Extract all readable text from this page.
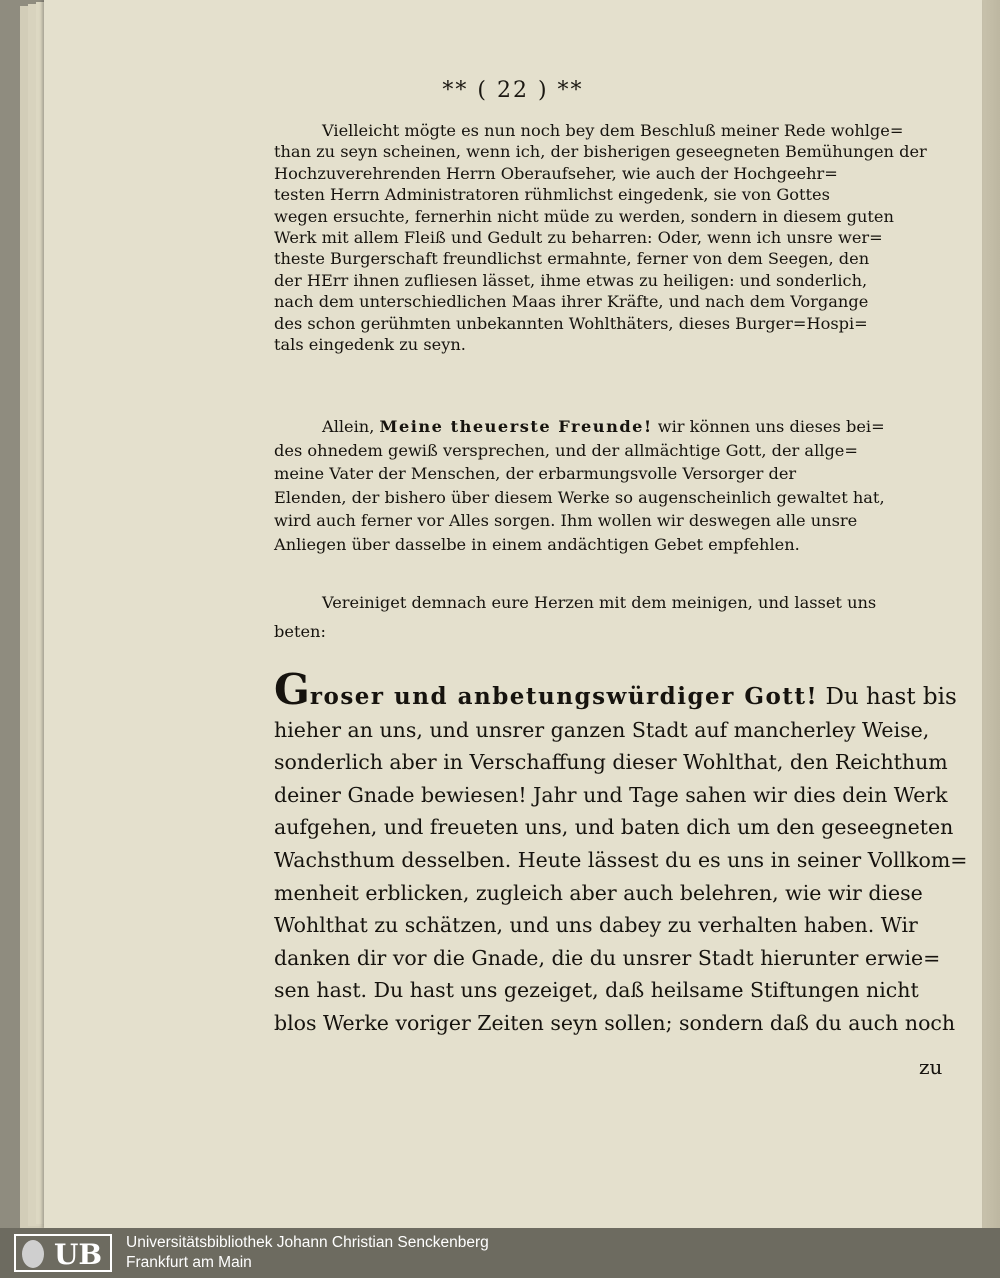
** ( 22 ) **
Vielleicht mögte es nun noch bey dem Beschluß meiner Rede wohlge=
than zu seyn scheinen, wenn ich, der bisherigen geseegneten Bemühungen der
Hochzuverehrenden Herrn Oberaufseher, wie auch der Hochgeehr=
testen Herrn Administratoren rühmlichst eingedenk, sie von Gottes
wegen ersuchte, fernerhin nicht müde zu werden, sondern in diesem guten
Werk mit allem Fleiß und Gedult zu beharren: Oder, wenn ich unsre wer=
theste Burgerschaft freundlichst ermahnte, ferner von dem Seegen, den
der HErr ihnen zufliesen lässet, ihme etwas zu heiligen: und sonderlich,
nach dem unterschiedlichen Maas ihrer Kräfte, und nach dem Vorgange
des schon gerühmten unbekannten Wohlthäters, dieses Burger=Hospi=
tals eingedenk zu seyn.
Allein, Meine theuerste Freunde! wir können uns dieses bei=
des ohnedem gewiß versprechen, und der allmächtige Gott, der allge=
meine Vater der Menschen, der erbarmungsvolle Versorger der
Elenden, der bishero über diesem Werke so augenscheinlich gewaltet hat,
wird auch ferner vor Alles sorgen. Ihm wollen wir deswegen alle unsre
Anliegen über dasselbe in einem andächtigen Gebet empfehlen.
Vereiniget demnach eure Herzen mit dem meinigen, und lasset uns
beten:
Groser und anbetungswürdiger Gott! Du hast bis
hieher an uns, und unsrer ganzen Stadt auf mancherley Weise,
sonderlich aber in Verschaffung dieser Wohlthat, den Reichthum
deiner Gnade bewiesen! Jahr und Tage sahen wir dies dein Werk
aufgehen, und freueten uns, und baten dich um den geseegneten
Wachsthum desselben. Heute lässest du es uns in seiner Vollkom=
menheit erblicken, zugleich aber auch belehren, wie wir diese
Wohlthat zu schätzen, und uns dabey zu verhalten haben. Wir
danken dir vor die Gnade, die du unsrer Stadt hierunter erwie=
sen hast. Du hast uns gezeiget, daß heilsame Stiftungen nicht
blos Werke voriger Zeiten seyn sollen; sondern daß du auch noch
zu
UB Universitätsbibliothek Johann Christian Senckenberg
Frankfurt am Main
